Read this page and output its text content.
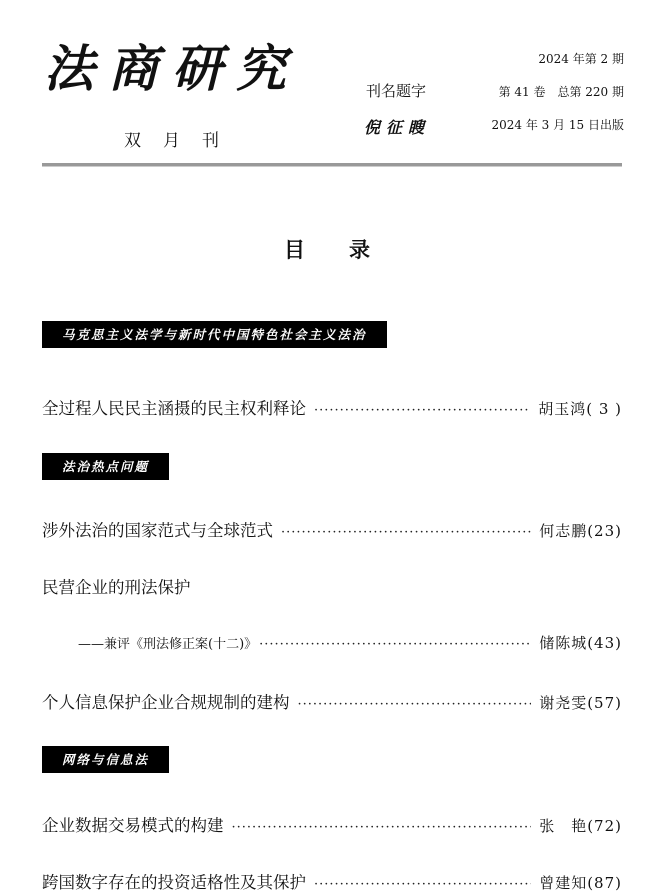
法商研究
双月刊
刊名题字
倪征瞍
2024 年第 2 期
第 41 卷　总第 220 期
2024 年 3 月 15 日出版
目录
马克思主义法学与新时代中国特色社会主义法治
全过程人民民主涵摄的民主权利释论 ·····	胡玉鸿( 3 )
法治热点问题
涉外法治的国家范式与全球范式 ·····	何志鹏(23)
民营企业的刑法保护
——兼评《刑法修正案(十二)》 ·····	储陈城(43)
个人信息保护企业合规规制的建构 ·····	谢尧雯(57)
网络与信息法
企业数据交易模式的构建 ·····	张　艳(72)
跨国数字存在的投资适格性及其保护 ·····	曾建知(87)
